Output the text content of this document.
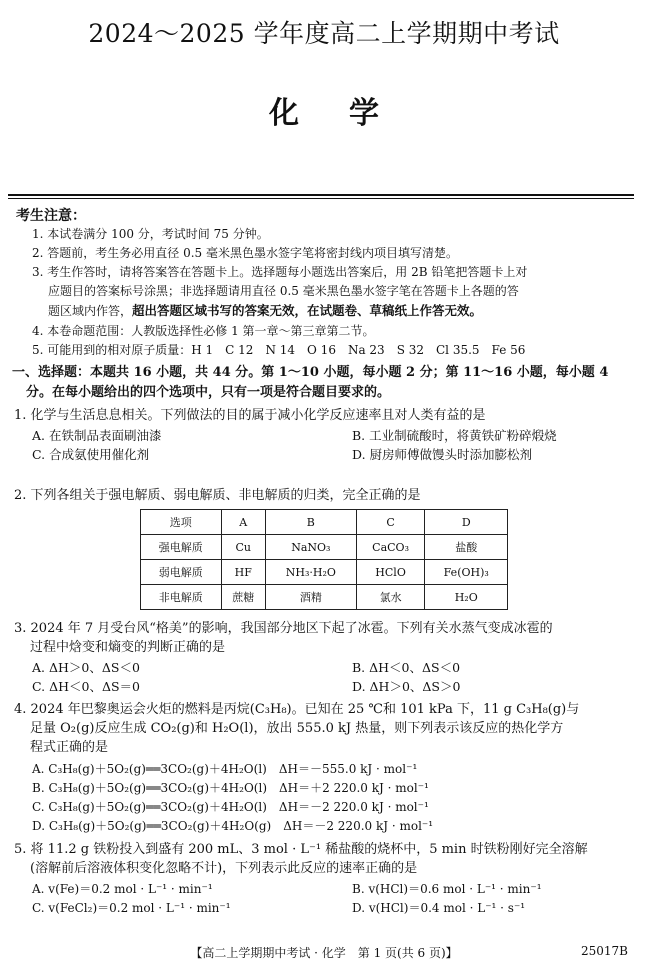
2024～2025 学年度高二上学期期中考试
化学
考生注意：
1. 本试卷满分 100 分，考试时间 75 分钟。
2. 答题前，考生务必用直径 0.5 毫米黑色墨水签字笔将密封线内项目填写清楚。
3. 考生作答时，请将答案答在答题卡上。选择题每小题选出答案后，用 2B 铅笔把答题卡上对
应题目的答案标号涂黑；非选择题请用直径 0.5 毫米黑色墨水签字笔在答题卡上各题的答
题区域内作答，超出答题区域书写的答案无效，在试题卷、草稿纸上作答无效。
4. 本卷命题范围：人教版选择性必修 1 第一章～第三章第二节。
5. 可能用到的相对原子质量：H 1　C 12　N 14　O 16　Na 23　S 32　Cl 35.5　Fe 56
一、选择题：本题共 16 小题，共 44 分。第 1～10 小题，每小题 2 分；第 11～16 小题，每小题 4
分。在每小题给出的四个选项中，只有一项是符合题目要求的。
1. 化学与生活息息相关。下列做法的目的属于减小化学反应速率且对人类有益的是
A. 在铁制品表面刷油漆	B. 工业制硫酸时，将黄铁矿粉碎煅烧
C. 合成氨使用催化剂	D. 厨房师傅做馒头时添加膨松剂
2. 下列各组关于强电解质、弱电解质、非电解质的归类，完全正确的是
选项	A	B	C	D
强电解质	Cu	NaNO₃	CaCO₃	盐酸
弱电解质	HF	NH₃·H₂O	HClO	Fe(OH)₃
非电解质	蔗糖	酒精	氯水	H₂O
3. 2024 年 7 月受台风“格美”的影响，我国部分地区下起了冰雹。下列有关水蒸气变成冰雹的
过程中焓变和熵变的判断正确的是
A. ΔH＞0、ΔS＜0	B. ΔH＜0、ΔS＜0
C. ΔH＜0、ΔS＝0	D. ΔH＞0、ΔS＞0
4. 2024 年巴黎奥运会火炬的燃料是丙烷(C₃H₈)。已知在 25 ℃和 101 kPa 下，11 g C₃H₈(g)与
足量 O₂(g)反应生成 CO₂(g)和 H₂O(l)，放出 555.0 kJ 热量，则下列表示该反应的热化学方
程式正确的是
A. C₃H₈(g)＋5O₂(g)══3CO₂(g)＋4H₂O(l)　ΔH＝－555.0 kJ · mol⁻¹
B. C₃H₈(g)＋5O₂(g)══3CO₂(g)＋4H₂O(l)　ΔH＝＋2 220.0 kJ · mol⁻¹
C. C₃H₈(g)＋5O₂(g)══3CO₂(g)＋4H₂O(l)　ΔH＝－2 220.0 kJ · mol⁻¹
D. C₃H₈(g)＋5O₂(g)══3CO₂(g)＋4H₂O(g)　ΔH＝－2 220.0 kJ · mol⁻¹
5. 将 11.2 g 铁粉投入到盛有 200 mL、3 mol · L⁻¹ 稀盐酸的烧杯中，5 min 时铁粉刚好完全溶解
(溶解前后溶液体积变化忽略不计)，下列表示此反应的速率正确的是
A. v(Fe)＝0.2 mol · L⁻¹ · min⁻¹	B. v(HCl)＝0.6 mol · L⁻¹ · min⁻¹
C. v(FeCl₂)＝0.2 mol · L⁻¹ · min⁻¹	D. v(HCl)＝0.4 mol · L⁻¹ · s⁻¹
【高二上学期期中考试 · 化学　第 1 页(共 6 页)】	25017B
